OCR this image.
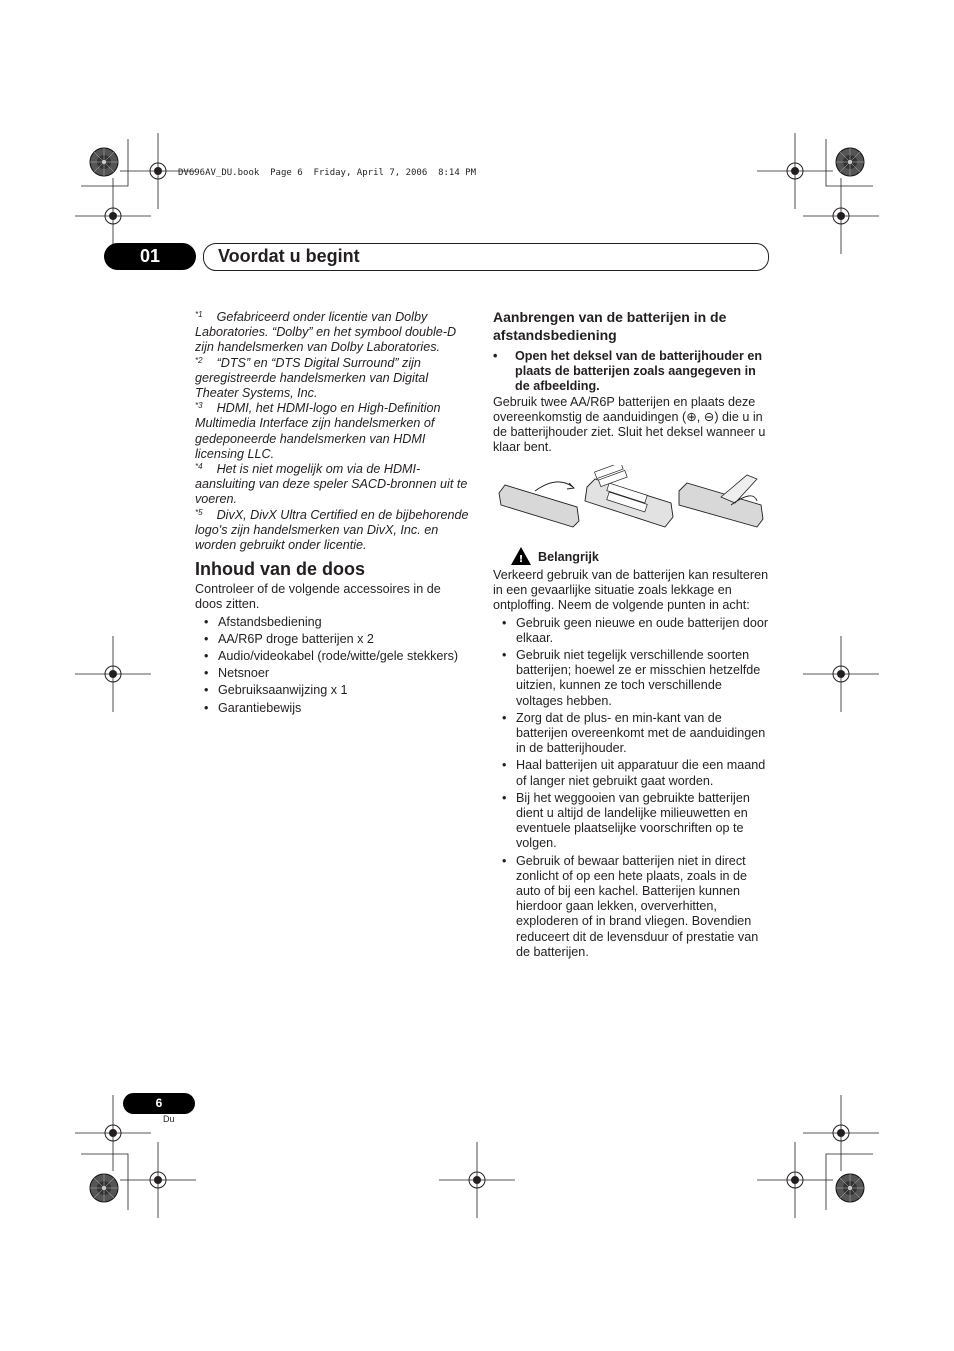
DV696AV_DU.book  Page 6  Friday, April 7, 2006  8:14 PM
01	Voordat u begint

$^{*1}$ Gefabriceerd onder licentie van Dolby Laboratories. “Dolby” en het symbool double-D zijn handelsmerken van Dolby Laboratories.

$^{*2}$ “DTS” en “DTS Digital Surround” zijn geregistreerde handelsmerken van Digital Theater Systems, Inc.

$^{*3}$ HDMI, het HDMI-logo en High-Definition Multimedia Interface zijn handelsmerken of gedeponeerde handelsmerken van HDMI licensing LLC.

$^{*4}$ Het is niet mogelijk om via de HDMI-aansluiting van deze speler SACD-bronnen uit te voeren.

$^{*5}$ DivX, DivX Ultra Certified en de bijbehorende logo's zijn handelsmerken van DivX, Inc. en worden gebruikt onder licentie.

Inhoud van de doos
Controleer of de volgende accessoires in de doos zitten.
• Afstandsbediening
• AA/R6P droge batterijen x 2
• Audio/videokabel (rode/witte/gele stekkers)
• Netsnoer
• Gebruiksaanwijzing x 1
• Garantiebewijs
Aanbrengen van de batterijen in de afstandsbediening
• Open het deksel van de batterijhouder en plaats de batterijen zoals aangegeven in de afbeelding.
Gebruik twee AA/R6P batterijen en plaats deze overeenkomstig de aanduidingen (⊕, ⊖) die u in de batterijhouder ziet. Sluit het deksel wanneer u klaar bent.
! Belangrijk
Verkeerd gebruik van de batterijen kan resulteren in een gevaarlijke situatie zoals lekkage en ontploffing. Neem de volgende punten in acht:
• Gebruik geen nieuwe en oude batterijen door elkaar.
• Gebruik niet tegelijk verschillende soorten batterijen; hoewel ze er misschien hetzelfde uitzien, kunnen ze toch verschillende voltages hebben.
• Zorg dat de plus- en min-kant van de batterijen overeenkomt met de aanduidingen in de batterijhouder.
• Haal batterijen uit apparatuur die een maand of langer niet gebruikt gaat worden.
• Bij het weggooien van gebruikte batterijen dient u altijd de landelijke milieuwetten en eventuele plaatselijke voorschriften op te volgen.
• Gebruik of bewaar batterijen niet in direct zonlicht of op een hete plaats, zoals in de auto of bij een kachel. Batterijen kunnen hierdoor gaan lekken, oververhitten, exploderen of in brand vliegen. Bovendien reduceert dit de levensduur of prestatie van de batterijen.
6
Du
